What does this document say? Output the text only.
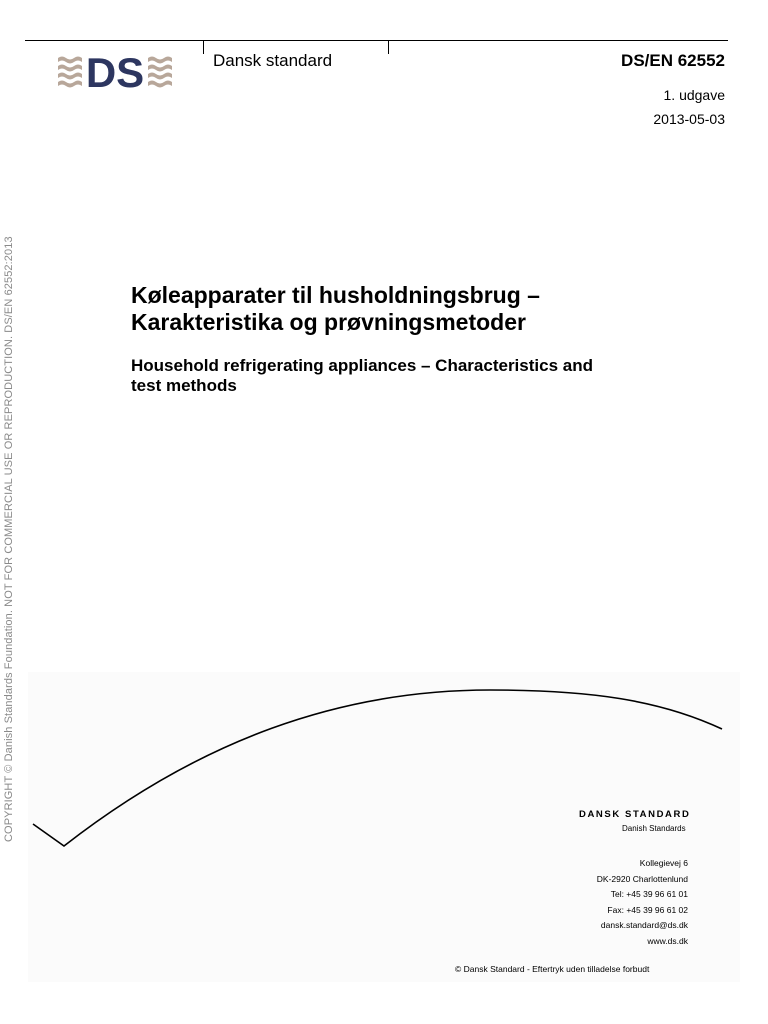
DS	Dansk standard	DS/EN 62552
1. udgave
2013-05-03
COPYRIGHT © Danish Standards Foundation. NOT FOR COMMERCIAL USE OR REPRODUCTION. DS/EN 62552:2013	Køleapparater til husholdningsbrug –
Karakteristika og prøvningsmetoder
Household refrigerating appliances – Characteristics and
test methods
DANSK STANDARD
Danish Standards
Kollegievej 6
DK-2920 Charlottenlund
Tel: +45 39 96 61 01
Fax: +45 39 96 61 02
dansk.standard@ds.dk
www.ds.dk
© Dansk Standard - Eftertryk uden tilladelse forbudt
